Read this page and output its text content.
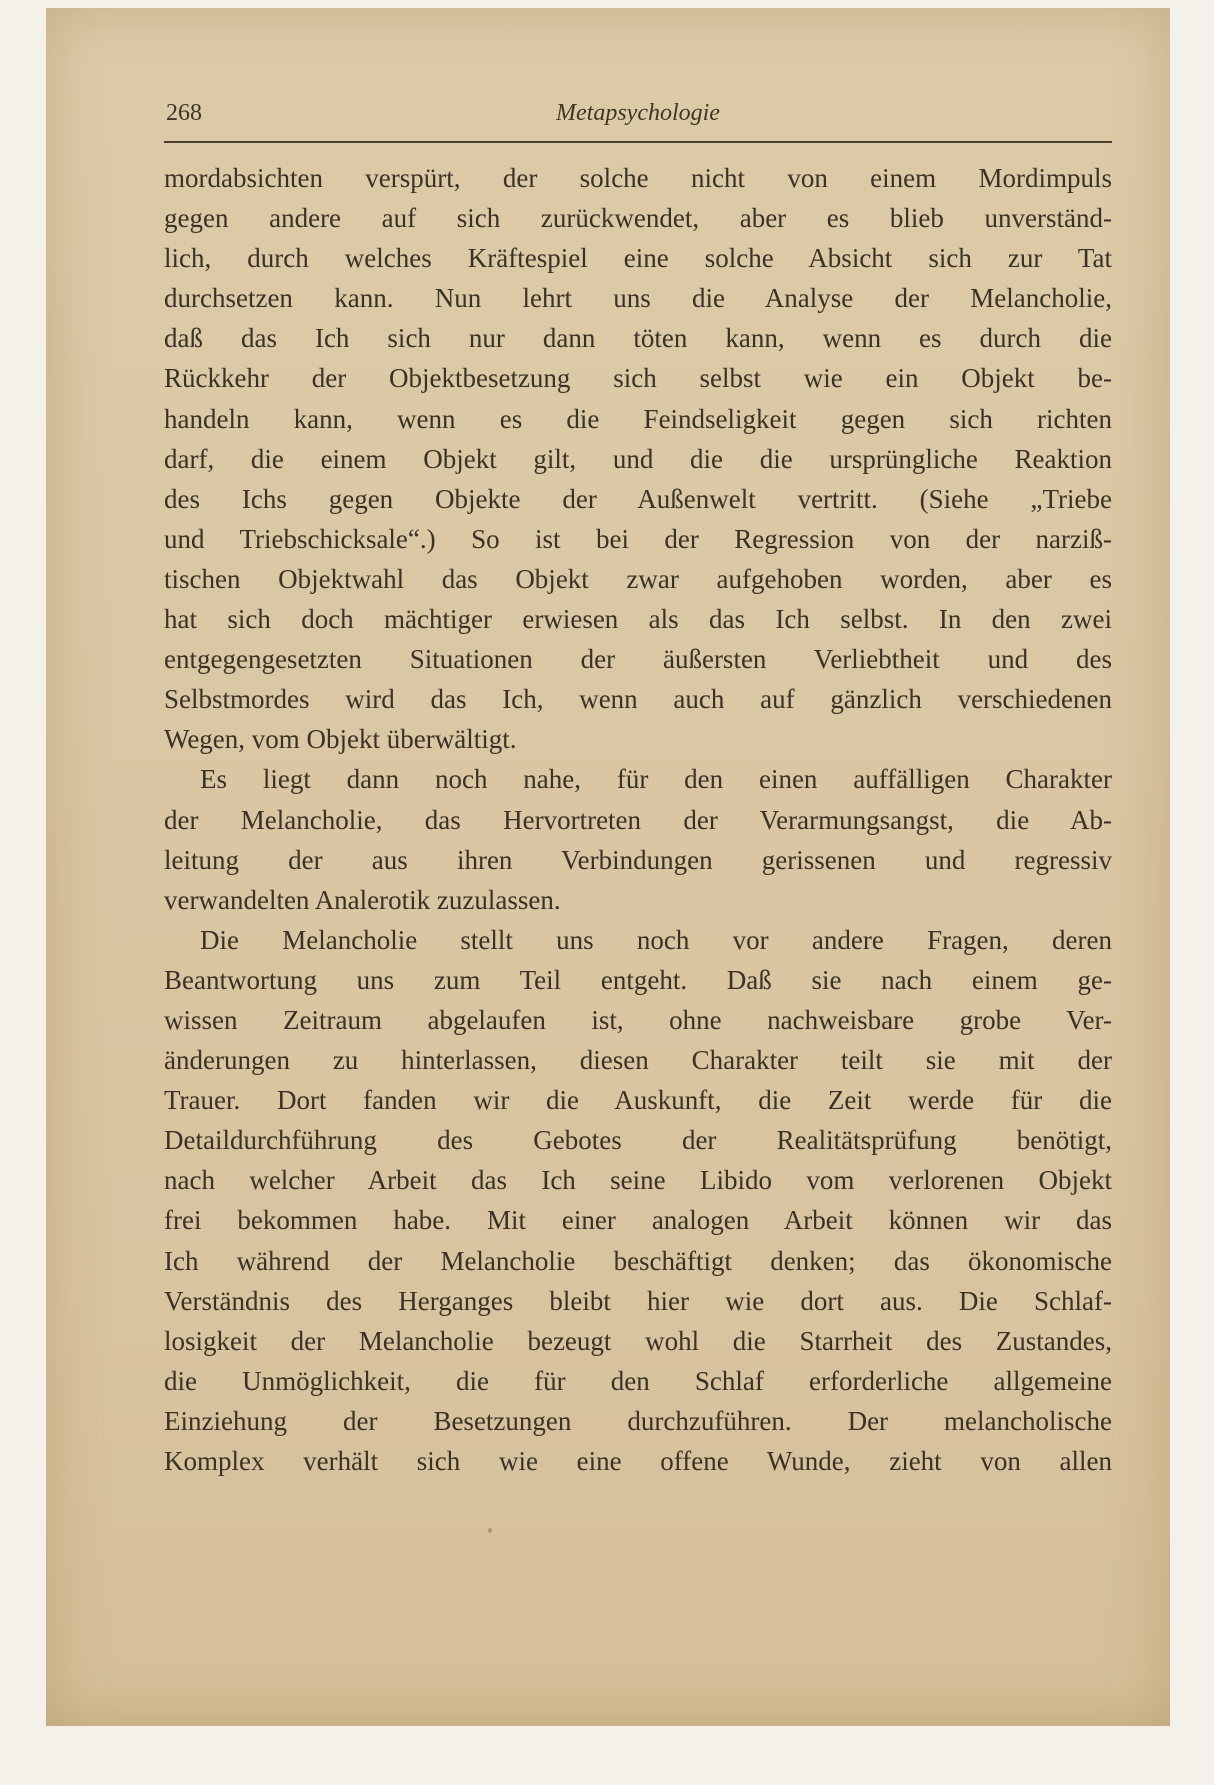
268	Metapsychologie
mordabsichten verspürt, der solche nicht von einem Mordimpuls
gegen andere auf sich zurückwendet, aber es blieb unverständ-
lich, durch welches Kräftespiel eine solche Absicht sich zur Tat
durchsetzen kann. Nun lehrt uns die Analyse der Melancholie,
daß das Ich sich nur dann töten kann, wenn es durch die
Rückkehr der Objektbesetzung sich selbst wie ein Objekt be-
handeln kann, wenn es die Feindseligkeit gegen sich richten
darf, die einem Objekt gilt, und die die ursprüngliche Reaktion
des Ichs gegen Objekte der Außenwelt vertritt. (Siehe „Triebe
und Triebschicksale“.) So ist bei der Regression von der narziß-
tischen Objektwahl das Objekt zwar aufgehoben worden, aber es
hat sich doch mächtiger erwiesen als das Ich selbst. In den zwei
entgegengesetzten Situationen der äußersten Verliebtheit und des
Selbstmordes wird das Ich, wenn auch auf gänzlich verschiedenen
Wegen, vom Objekt überwältigt.
Es liegt dann noch nahe, für den einen auffälligen Charakter
der Melancholie, das Hervortreten der Verarmungsangst, die Ab-
leitung der aus ihren Verbindungen gerissenen und regressiv
verwandelten Analerotik zuzulassen.
Die Melancholie stellt uns noch vor andere Fragen, deren
Beantwortung uns zum Teil entgeht. Daß sie nach einem ge-
wissen Zeitraum abgelaufen ist, ohne nachweisbare grobe Ver-
änderungen zu hinterlassen, diesen Charakter teilt sie mit der
Trauer. Dort fanden wir die Auskunft, die Zeit werde für die
Detaildurchführung des Gebotes der Realitätsprüfung benötigt,
nach welcher Arbeit das Ich seine Libido vom verlorenen Objekt
frei bekommen habe. Mit einer analogen Arbeit können wir das
Ich während der Melancholie beschäftigt denken; das ökonomische
Verständnis des Herganges bleibt hier wie dort aus. Die Schlaf-
losigkeit der Melancholie bezeugt wohl die Starrheit des Zustandes,
die Unmöglichkeit, die für den Schlaf erforderliche allgemeine
Einziehung der Besetzungen durchzuführen. Der melancholische
Komplex verhält sich wie eine offene Wunde, zieht von allen
